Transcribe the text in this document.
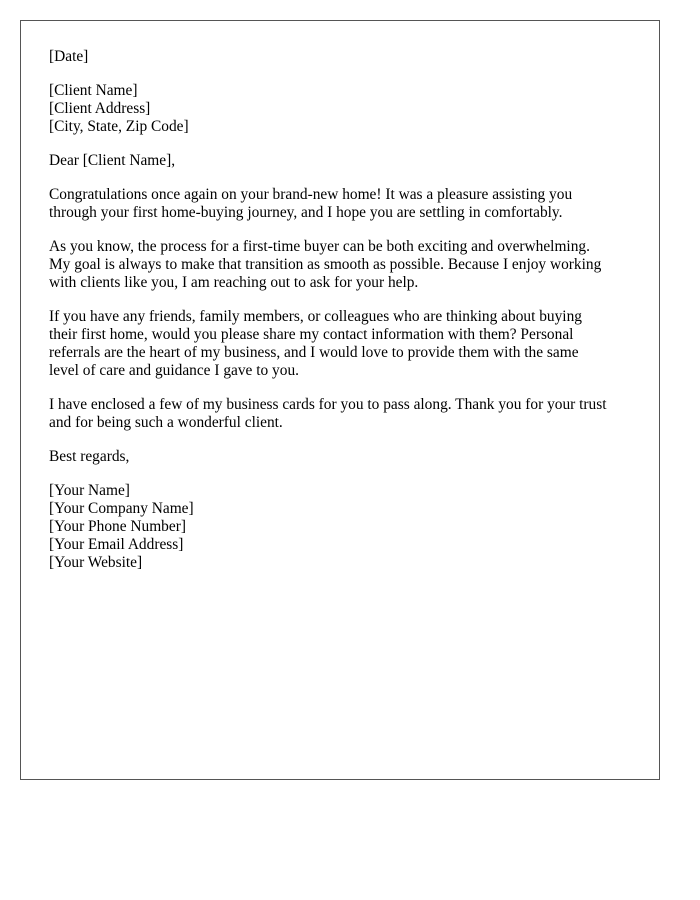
[Date]
[Client Name]
[Client Address]
[City, State, Zip Code]
Dear [Client Name],

Congratulations once again on your brand-new home! It was a pleasure assisting you
through your first home-buying journey, and I hope you are settling in comfortably.

As you know, the process for a first-time buyer can be both exciting and overwhelming.
My goal is always to make that transition as smooth as possible. Because I enjoy working
with clients like you, I am reaching out to ask for your help.

If you have any friends, family members, or colleagues who are thinking about buying
their first home, would you please share my contact information with them? Personal
referrals are the heart of my business, and I would love to provide them with the same
level of care and guidance I gave to you.

I have enclosed a few of my business cards for you to pass along. Thank you for your trust
and for being such a wonderful client.

Best regards,
[Your Name]
[Your Company Name]
[Your Phone Number]
[Your Email Address]
[Your Website]
